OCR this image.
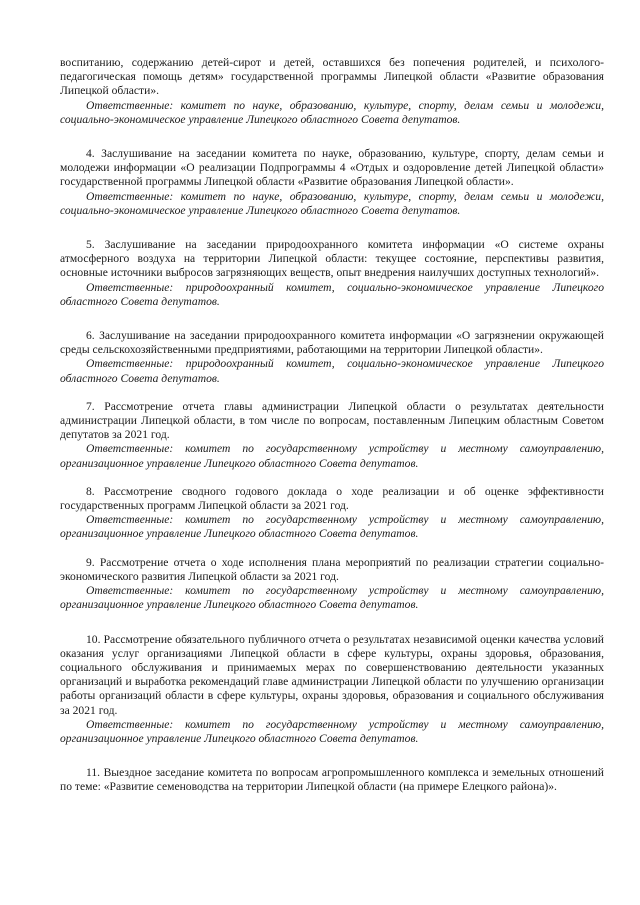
воспитанию, содержанию детей-сирот и детей, оставшихся без попечения родителей, и психолого-педагогическая помощь детям» государственной программы Липецкой области «Развитие образования Липецкой области».

Ответственные: комитет по науке, образованию, культуре, спорту, делам семьи и молодежи, социально-экономическое управление Липецкого областного Совета депутатов.

4. Заслушивание на заседании комитета по науке, образованию, культуре, спорту, делам семьи и молодежи информации «О реализации Подпрограммы 4 «Отдых и оздоровление детей Липецкой области» государственной программы Липецкой области «Развитие образования Липецкой области».

Ответственные: комитет по науке, образованию, культуре, спорту, делам семьи и молодежи, социально-экономическое управление Липецкого областного Совета депутатов.

5. Заслушивание на заседании природоохранного комитета информации «О системе охраны атмосферного воздуха на территории Липецкой области: текущее состояние, перспективы развития, основные источники выбросов загрязняющих веществ, опыт внедрения наилучших доступных технологий».

Ответственные: природоохранный комитет, социально-экономическое управление Липецкого областного Совета депутатов.

6. Заслушивание на заседании природоохранного комитета информации «О загрязнении окружающей среды сельскохозяйственными предприятиями, работающими на территории Липецкой области».

Ответственные: природоохранный комитет, социально-экономическое управление Липецкого областного Совета депутатов.

7. Рассмотрение отчета главы администрации Липецкой области о результатах деятельности администрации Липецкой области, в том числе по вопросам, поставленным Липецким областным Советом депутатов за 2021 год.

Ответственные: комитет по государственному устройству и местному самоуправлению, организационное управление Липецкого областного Совета депутатов.

8. Рассмотрение сводного годового доклада о ходе реализации и об оценке эффективности государственных программ Липецкой области за 2021 год.

Ответственные: комитет по государственному устройству и местному самоуправлению, организационное управление Липецкого областного Совета депутатов.

9. Рассмотрение отчета о ходе исполнения плана мероприятий по реализации стратегии социально-экономического развития Липецкой области за 2021 год.

Ответственные: комитет по государственному устройству и местному самоуправлению, организационное управление Липецкого областного Совета депутатов.

10. Рассмотрение обязательного публичного отчета о результатах независимой оценки качества условий оказания услуг организациями Липецкой области в сфере культуры, охраны здоровья, образования, социального обслуживания и принимаемых мерах по совершенствованию деятельности указанных организаций и выработка рекомендаций главе администрации Липецкой области по улучшению организации работы организаций области в сфере культуры, охраны здоровья, образования и социального обслуживания за 2021 год.

Ответственные: комитет по государственному устройству и местному самоуправлению, организационное управление Липецкого областного Совета депутатов.

11. Выездное заседание комитета по вопросам агропромышленного комплекса и земельных отношений по теме: «Развитие семеноводства на территории Липецкой области (на примере Елецкого района)».
